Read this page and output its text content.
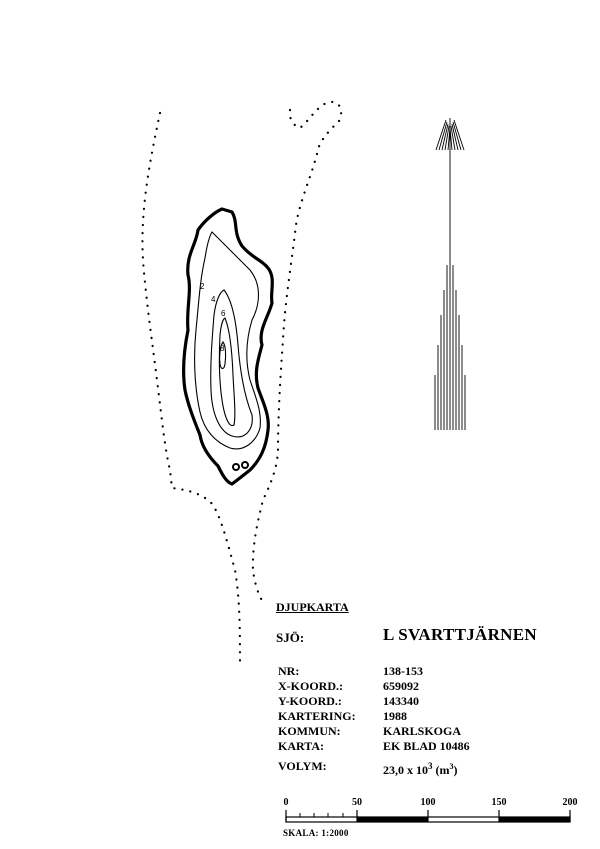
2
4
6
8
DJUPKARTA
SJÖ:	L SVARTTJÄRNEN
NR:	138-153
X-KOORD.:	659092
Y-KOORD.:	143340
KARTERING: 1988
KOMMUN:	KARLSKOGA
KARTA:	EK BLAD 10486
VOLYM:	23,0 x $10^3$ $(m^3)$
0	50	100	150	200
SKALA: 1:2000
